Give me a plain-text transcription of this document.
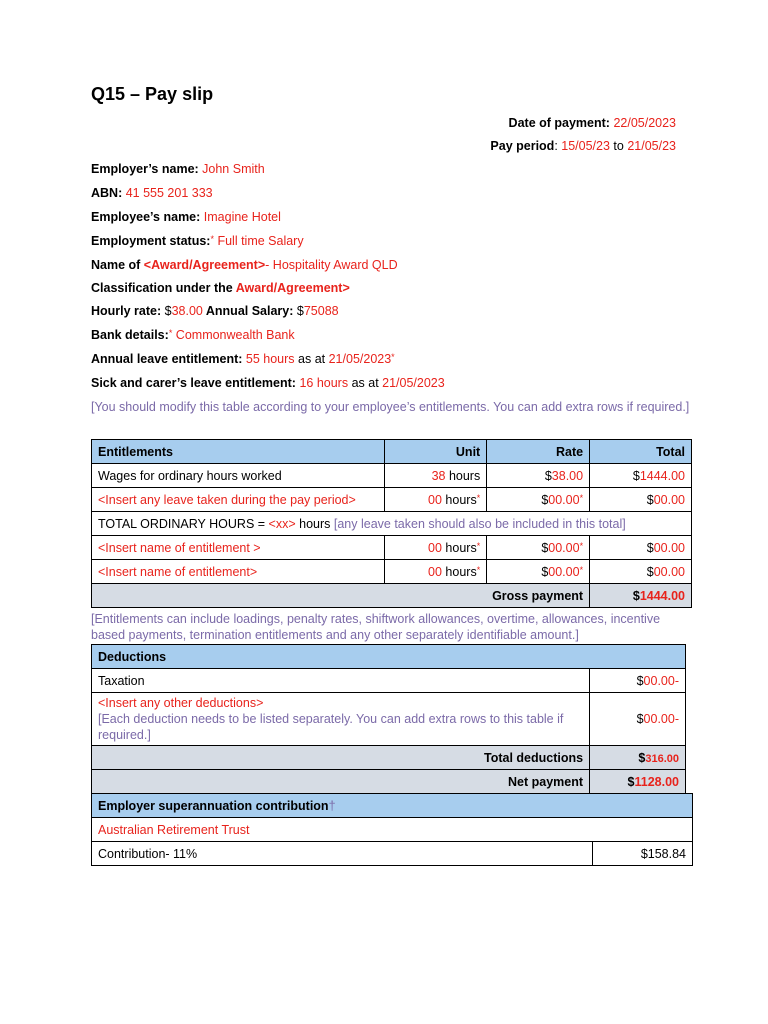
Q15 – Pay slip
Date of payment: 22/05/2023
Pay period: 15/05/23 to 21/05/23
Employer’s name: John Smith
ABN: 41 555 201 333
Employee’s name: Imagine Hotel
Employment status:* Full time Salary
Name of <Award/Agreement>- Hospitality Award QLD
Classification under the Award/Agreement>
Hourly rate: $38.00 Annual Salary: $75088
Bank details:* Commonwealth Bank
Annual leave entitlement: 55 hours as at 21/05/2023*
Sick and carer’s leave entitlement: 16 hours as at 21/05/2023
[You should modify this table according to your employee’s entitlements. You can add extra rows if required.]
Entitlements	Unit	Rate	Total
Wages for ordinary hours worked	38 hours	$38.00	$1444.00
<Insert any leave taken during the pay period>	00 hours*	$00.00*	$00.00
TOTAL ORDINARY HOURS = <xx> hours [any leave taken should also be included in this total]			
<Insert name of entitlement >	00 hours*	$00.00*	$00.00
<Insert name of entitlement>	00 hours*	$00.00*	$00.00
Gross payment			$1444.00
[Entitlements can include loadings, penalty rates, shiftwork allowances, overtime, allowances, incentive based payments, termination entitlements and any other separately identifiable amount.]
Deductions	
Taxation	$00.00-

<Insert any other deductions>
[Each deduction needs to be listed separately. You can add extra rows to this table if required.]	$00.00-
Total deductions	$316.00
Net payment	$1128.00
Employer superannuation contribution†
Australian Retirement Trust
Contribution- 11%	$158.84
